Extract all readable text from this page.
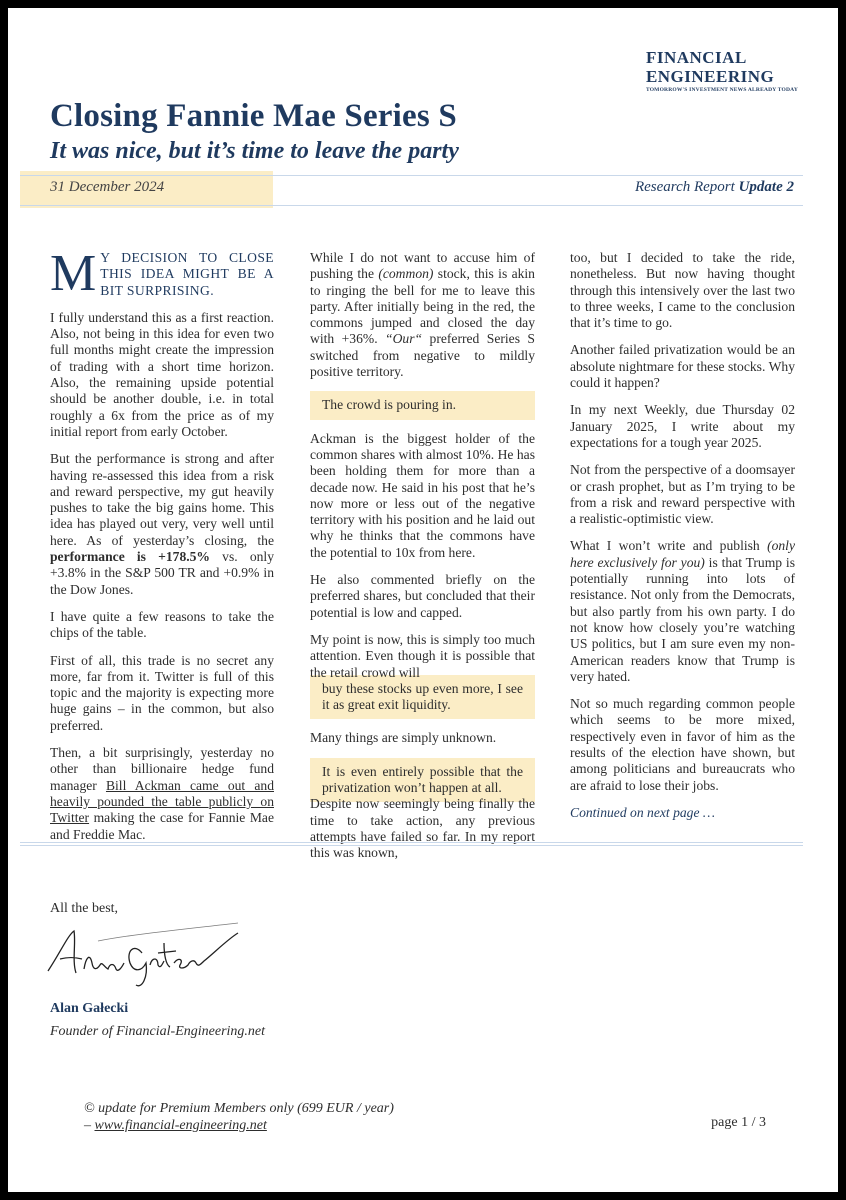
FINANCIAL
ENGINEERING
TOMORROW'S INVESTMENT NEWS ALREADY TODAY
Closing Fannie Mae Series S
It was nice, but it’s time to leave the party
31 December 2024	Research Report Update 2

M Y DECISION TO CLOSE THIS IDEA MIGHT BE A BIT SURPRISING.

I fully understand this as a first reaction. Also, not being in this idea for even two full months might create the impression of trading with a short time horizon. Also, the remaining upside potential should be another double, i.e. in total roughly a 6x from the price as of my initial report from early October.

But the performance is strong and after having re-assessed this idea from a risk and reward perspective, my gut heavily pushes to take the big gains home. This idea has played out very, very well until here. As of yesterday’s closing, the performance is +178.5% vs. only +3.8% in the S&P 500 TR and +0.9% in the Dow Jones.

I have quite a few reasons to take the chips of the table.

First of all, this trade is no secret any more, far from it. Twitter is full of this topic and the majority is expecting more huge gains – in the common, but also preferred.

Then, a bit surprisingly, yesterday no other than billionaire hedge fund manager Bill Ackman came out and heavily pounded the table publicly on Twitter making the case for Fannie Mae and Freddie Mac.

While I do not want to accuse him of pushing the (common) stock, this is akin to ringing the bell for me to leave this party. After initially being in the red, the commons jumped and closed the day with +36%. “Our“ preferred Series S switched from negative to mildly positive territory.

The crowd is pouring in.

Ackman is the biggest holder of the common shares with almost 10%. He has been holding them for more than a decade now. He said in his post that he’s now more or less out of the negative territory with his position and he laid out why he thinks that the commons have the potential to 10x from here.

He also commented briefly on the preferred shares, but concluded that their potential is low and capped.

My point is now, this is simply too much attention. Even though it is possible that the retail crowd will

buy these stocks up even more, I see it as great exit liquidity.

Many things are simply unknown.

It is even entirely possible that the privatization won’t happen at all.

Despite now seemingly being finally the time to take action, any previous attempts have failed so far. In my report this was known,

too, but I decided to take the ride, nonetheless. But now having thought through this intensively over the last two to three weeks, I came to the conclusion that it’s time to go.

Another failed privatization would be an absolute nightmare for these stocks. Why could it happen?

In my next Weekly, due Thursday 02 January 2025, I write about my expectations for a tough year 2025.

Not from the perspective of a doomsayer or crash prophet, but as I’m trying to be from a risk and reward perspective with a realistic-optimistic view.

What I won’t write and publish (only here exclusively for you) is that Trump is potentially running into lots of resistance. Not only from the Democrats, but also partly from his own party. I do not know how closely you’re watching US politics, but I am sure even my non-American readers know that Trump is very hated.

Not so much regarding common people which seems to be more mixed, respectively even in favor of him as the results of the election have shown, but among politicians and bureaucrats who are afraid to lose their jobs.

Continued on next page …

All the best,
Alan Gałecki
Founder of Financial-Engineering.net
© update for Premium Members only (699 EUR / year)
– www.financial-engineering.net	page 1 / 3
